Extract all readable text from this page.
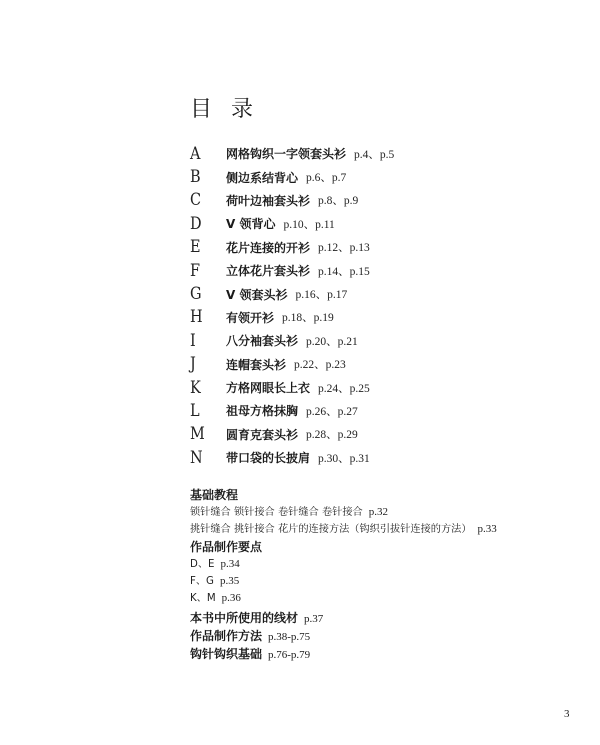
目 录
A	网格钩织一字领套头衫 p.4、p.5
B	侧边系结背心 p.6、p.7
C	荷叶边袖套头衫 p.8、p.9
D	V 领背心 p.10、p.11
E	花片连接的开衫 p.12、p.13
F	立体花片套头衫 p.14、p.15
G	V 领套头衫 p.16、p.17
H	有领开衫 p.18、p.19
I	八分袖套头衫 p.20、p.21
J	连帽套头衫 p.22、p.23
K	方格网眼长上衣 p.24、p.25
L	祖母方格抹胸 p.26、p.27
M	圆育克套头衫 p.28、p.29
N	带口袋的长披肩 p.30、p.31

基础教程

锁针缝合 锁针接合 卷针缝合 卷针接合 p.32

挑针缝合 挑针接合 花片的连接方法（钩织引拔针连接的方法） p.33

作品制作要点

D、E p.34

F、G p.35

K、M p.36

本书中所使用的线材 p.37

作品制作方法 p.38-p.75

钩针钩织基础 p.76-p.79

3
